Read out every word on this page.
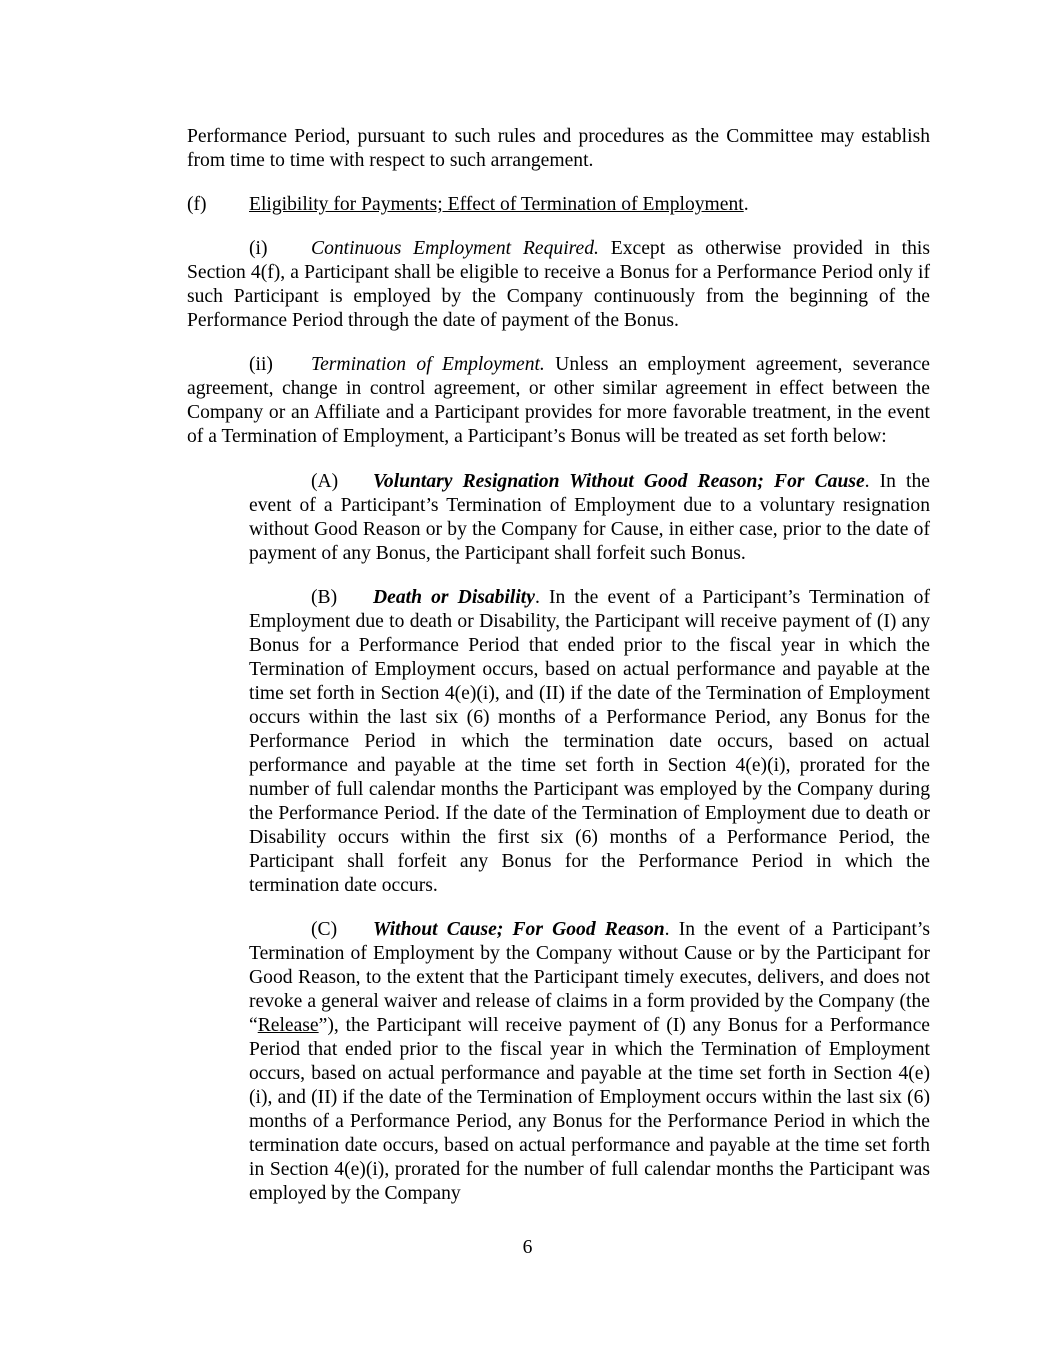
Performance Period, pursuant to such rules and procedures as the Committee may establish from time to time with respect to such arrangement.

(f)	Eligibility for Payments; Effect of Termination of Employment.

(i) Continuous Employment Required. Except as otherwise provided in this Section 4(f), a Participant shall be eligible to receive a Bonus for a Performance Period only if such Participant is employed by the Company continuously from the beginning of the Performance Period through the date of payment of the Bonus.

(ii) Termination of Employment. Unless an employment agreement, severance agreement, change in control agreement, or other similar agreement in effect between the Company or an Affiliate and a Participant provides for more favorable treatment, in the event of a Termination of Employment, a Participant’s Bonus will be treated as set forth below:

(A) Voluntary Resignation Without Good Reason; For Cause. In the event of a Participant’s Termination of Employment due to a voluntary resignation without Good Reason or by the Company for Cause, in either case, prior to the date of payment of any Bonus, the Participant shall forfeit such Bonus.

(B) Death or Disability. In the event of a Participant’s Termination of Employment due to death or Disability, the Participant will receive payment of (I) any Bonus for a Performance Period that ended prior to the fiscal year in which the Termination of Employment occurs, based on actual performance and payable at the time set forth in Section 4(e)(i), and (II) if the date of the Termination of Employment occurs within the last six (6) months of a Performance Period, any Bonus for the Performance Period in which the termination date occurs, based on actual performance and payable at the time set forth in Section 4(e)(i), prorated for the number of full calendar months the Participant was employed by the Company during the Performance Period. If the date of the Termination of Employment due to death or Disability occurs within the first six (6) months of a Performance Period, the Participant shall forfeit any Bonus for the Performance Period in which the termination date occurs.

(C) Without Cause; For Good Reason. In the event of a Participant’s Termination of Employment by the Company without Cause or by the Participant for Good Reason, to the extent that the Participant timely executes, delivers, and does not revoke a general waiver and release of claims in a form provided by the Company (the “Release”), the Participant will receive payment of (I) any Bonus for a Performance Period that ended prior to the fiscal year in which the Termination of Employment occurs, based on actual performance and payable at the time set forth in Section 4(e)(i), and (II) if the date of the Termination of Employment occurs within the last six (6) months of a Performance Period, any Bonus for the Performance Period in which the termination date occurs, based on actual performance and payable at the time set forth in Section 4(e)(i), prorated for the number of full calendar months the Participant was employed by the Company

6
